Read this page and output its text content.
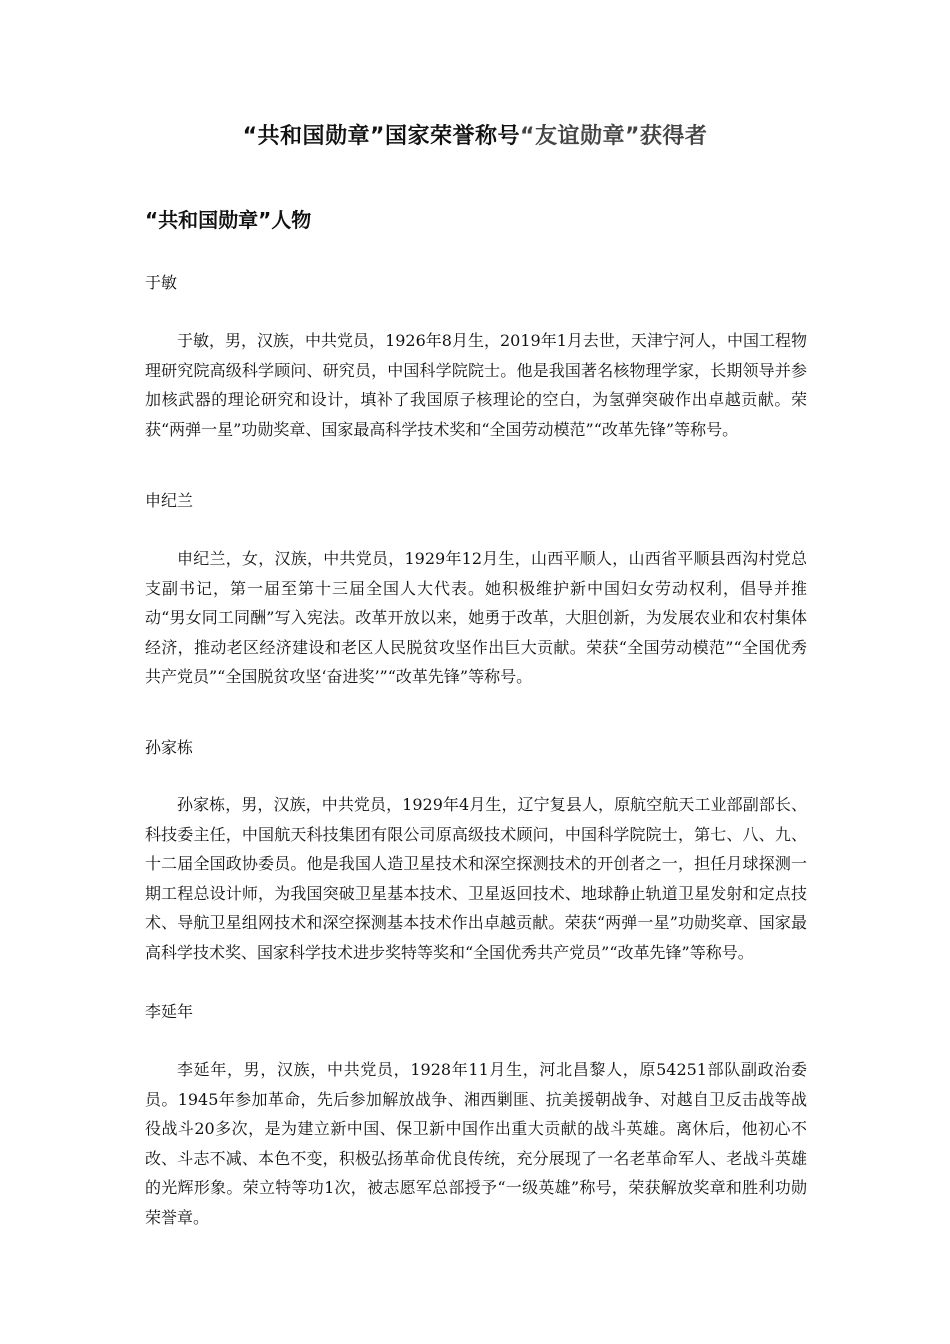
“共和国勋章”国家荣誉称号“友谊勋章”获得者
“共和国勋章”人物
于敏

于敏，男，汉族，中共党员，1926年8月生，2019年1月去世，天津宁河人，中国工程物理研究院高级科学顾问、研究员，中国科学院院士。他是我国著名核物理学家，长期领导并参加核武器的理论研究和设计，填补了我国原子核理论的空白，为氢弹突破作出卓越贡献。荣获“两弹一星”功勋奖章、国家最高科学技术奖和“全国劳动模范”“改革先锋”等称号。

申纪兰

申纪兰，女，汉族，中共党员，1929年12月生，山西平顺人，山西省平顺县西沟村党总支副书记，第一届至第十三届全国人大代表。她积极维护新中国妇女劳动权利，倡导并推动“男女同工同酬”写入宪法。改革开放以来，她勇于改革，大胆创新，为发展农业和农村集体经济，推动老区经济建设和老区人民脱贫攻坚作出巨大贡献。荣获“全国劳动模范”“全国优秀共产党员”“全国脱贫攻坚‘奋进奖’”“改革先锋”等称号。

孙家栋

孙家栋，男，汉族，中共党员，1929年4月生，辽宁复县人，原航空航天工业部副部长、科技委主任，中国航天科技集团有限公司原高级技术顾问，中国科学院院士，第七、八、九、十二届全国政协委员。他是我国人造卫星技术和深空探测技术的开创者之一，担任月球探测一期工程总设计师，为我国突破卫星基本技术、卫星返回技术、地球静止轨道卫星发射和定点技术、导航卫星组网技术和深空探测基本技术作出卓越贡献。荣获“两弹一星”功勋奖章、国家最高科学技术奖、国家科学技术进步奖特等奖和“全国优秀共产党员”“改革先锋”等称号。

李延年

李延年，男，汉族，中共党员，1928年11月生，河北昌黎人，原54251部队副政治委员。1945年参加革命，先后参加解放战争、湘西剿匪、抗美援朝战争、对越自卫反击战等战役战斗20多次，是为建立新中国、保卫新中国作出重大贡献的战斗英雄。离休后，他初心不改、斗志不减、本色不变，积极弘扬革命优良传统，充分展现了一名老革命军人、老战斗英雄的光辉形象。荣立特等功1次，被志愿军总部授予“一级英雄”称号，荣获解放奖章和胜利功勋荣誉章。
